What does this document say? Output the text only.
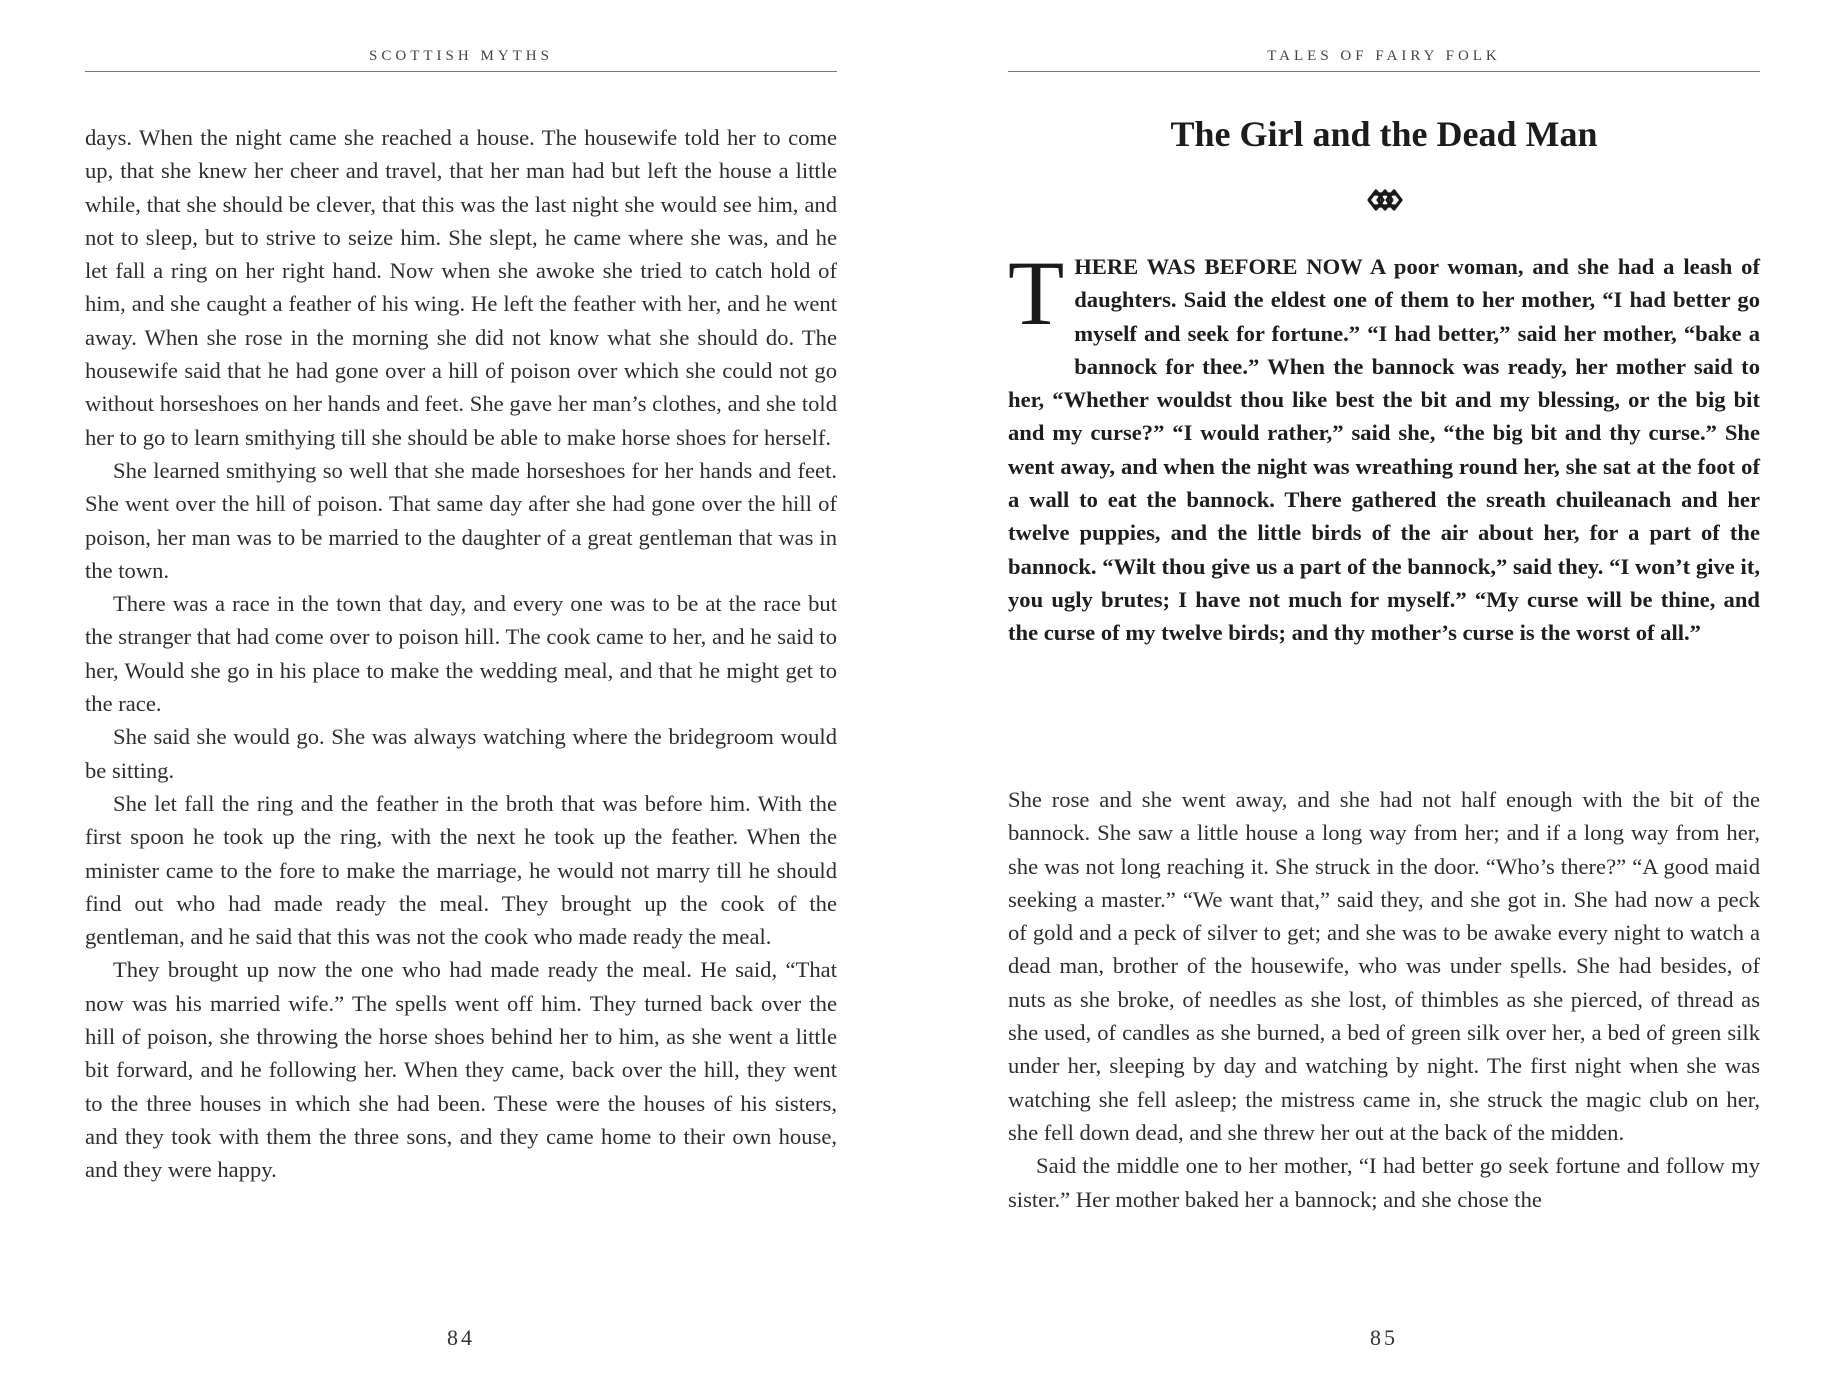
SCOTTISH MYTHS

days. When the night came she reached a house. The housewife told her to come up, that she knew her cheer and travel, that her man had but left the house a little while, that she should be clever, that this was the last night she would see him, and not to sleep, but to strive to seize him. She slept, he came where she was, and he let fall a ring on her right hand. Now when she awoke she tried to catch hold of him, and she caught a feather of his wing. He left the feather with her, and he went away. When she rose in the morning she did not know what she should do. The housewife said that he had gone over a hill of poison over which she could not go without horseshoes on her hands and feet. She gave her man’s clothes, and she told her to go to learn smithying till she should be able to make horse shoes for herself.

She learned smithying so well that she made horseshoes for her hands and feet. She went over the hill of poison. That same day after she had gone over the hill of poison, her man was to be married to the daughter of a great gentleman that was in the town.

There was a race in the town that day, and every one was to be at the race but the stranger that had come over to poison hill. The cook came to her, and he said to her, Would she go in his place to make the wedding meal, and that he might get to the race.

She said she would go. She was always watching where the bridegroom would be sitting.

She let fall the ring and the feather in the broth that was before him. With the first spoon he took up the ring, with the next he took up the feather. When the minister came to the fore to make the marriage, he would not marry till he should find out who had made ready the meal. They brought up the cook of the gentleman, and he said that this was not the cook who made ready the meal.

They brought up now the one who had made ready the meal. He said, “That now was his married wife.” The spells went off him. They turned back over the hill of poison, she throwing the horse shoes behind her to him, as she went a little bit forward, and he following her. When they came, back over the hill, they went to the three houses in which she had been. These were the houses of his sisters, and they took with them the three sons, and they came home to their own house, and they were happy.

84
TALES OF FAIRY FOLK
The Girl and the Dead Man
T HERE WAS BEFORE NOW A poor woman, and she had a leash of daughters. Said the eldest one of them to her mother, “I had better go myself and seek for fortune.” “I had better,” said her mother, “bake a bannock for thee.” When the bannock was ready, her mother said to her, “Whether wouldst thou like best the bit and my blessing, or the big bit and my curse?” “I would rather,” said she, “the big bit and thy curse.” She went away, and when the night was wreathing round her, she sat at the foot of a wall to eat the bannock. There gathered the sreath chuileanach and her twelve puppies, and the little birds of the air about her, for a part of the bannock. “Wilt thou give us a part of the bannock,” said they. “I won’t give it, you ugly brutes; I have not much for myself.” “My curse will be thine, and the curse of my twelve birds; and thy mother’s curse is the worst of all.”

She rose and she went away, and she had not half enough with the bit of the bannock. She saw a little house a long way from her; and if a long way from her, she was not long reaching it. She struck in the door. “Who’s there?” “A good maid seeking a master.” “We want that,” said they, and she got in. She had now a peck of gold and a peck of silver to get; and she was to be awake every night to watch a dead man, brother of the housewife, who was under spells. She had besides, of nuts as she broke, of needles as she lost, of thimbles as she pierced, of thread as she used, of candles as she burned, a bed of green silk over her, a bed of green silk under her, sleeping by day and watching by night. The first night when she was watching she fell asleep; the mistress came in, she struck the magic club on her, she fell down dead, and she threw her out at the back of the midden.

Said the middle one to her mother, “I had better go seek fortune and follow my sister.” Her mother baked her a bannock; and she chose the

85
